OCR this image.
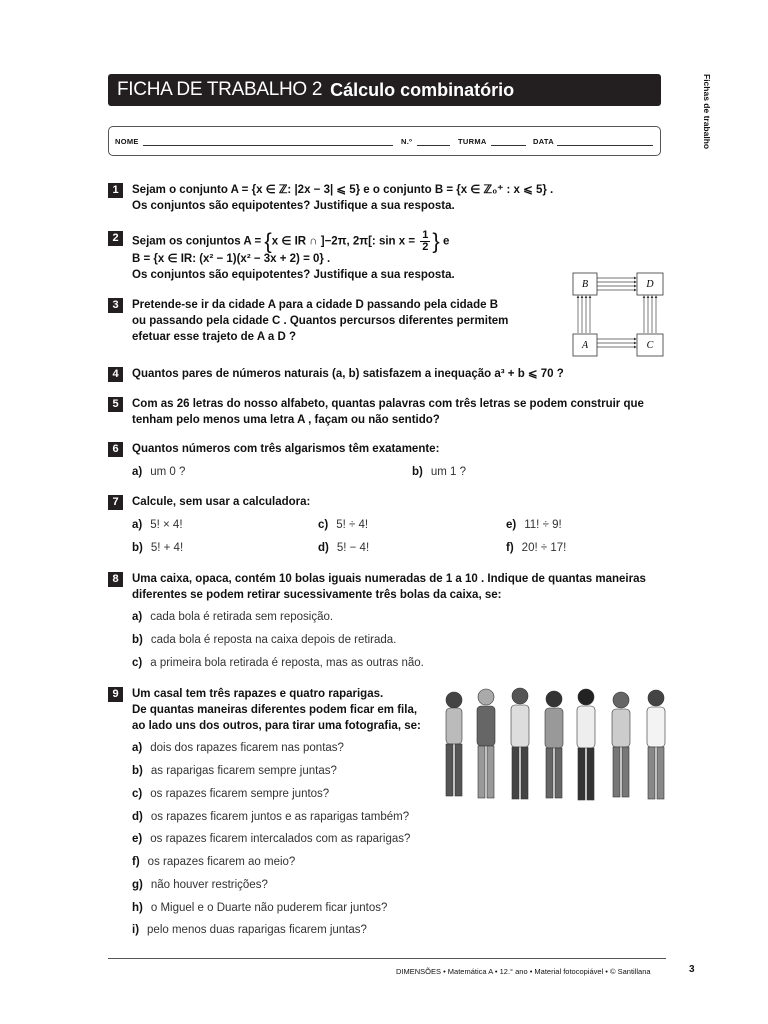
FICHA DE TRABALHO 2 Cálculo combinatório	Fichas de trabalho
NOME	N.º	TURMA	DATA
1	Sejam o conjunto A = {x ∈ ℤ: |2x − 3| ⩽ 5} e o conjunto B = {x ∈ ℤ₀⁺ : x ⩽ 5} .
Os conjuntos são equipotentes? Justifique a sua resposta.
2	Sejam os conjuntos A = {x ∈ IR ∩ ]−2π, 2π[: $\sin x = \frac{1}{2}$} e
B = {x ∈ IR: (x² − 1)(x² − 3x + 2) = 0} .
Os conjuntos são equipotentes? Justifique a sua resposta.
3	Pretende-se ir da cidade A para a cidade D passando pela cidade B
ou passando pela cidade C . Quantos percursos diferentes permitem
efetuar esse trajeto de A a D ?
B	D
A	C
4	Quantos pares de números naturais (a, b) satisfazem a inequação a³ + b ⩽ 70 ?
5	Com as 26 letras do nosso alfabeto, quantas palavras com três letras se podem construir que
tenham pelo menos uma letra A , façam ou não sentido?
6	Quantos números com três algarismos têm exatamente:
a) um 0 ?	b) um 1 ?
7	Calcule, sem usar a calculadora:
a) 5! × 4!	c) 5! ÷ 4!	e) 11! ÷ 9!
b) 5! + 4!	d) 5! − 4!	f) 20! ÷ 17!
8	Uma caixa, opaca, contém 10 bolas iguais numeradas de 1 a 10 . Indique de quantas maneiras
diferentes se podem retirar sucessivamente três bolas da caixa, se:
a) cada bola é retirada sem reposição.
b) cada bola é reposta na caixa depois de retirada.
c) a primeira bola retirada é reposta, mas as outras não.
9	Um casal tem três rapazes e quatro raparigas.
De quantas maneiras diferentes podem ficar em fila,
ao lado uns dos outros, para tirar uma fotografia, se:
a) dois dos rapazes ficarem nas pontas?
b) as raparigas ficarem sempre juntas?
c) os rapazes ficarem sempre juntos?
d) os rapazes ficarem juntos e as raparigas também?
e) os rapazes ficarem intercalados com as raparigas?
f) os rapazes ficarem ao meio?
g) não houver restrições?
h) o Miguel e o Duarte não puderem ficar juntos?
i) pelo menos duas raparigas ficarem juntas?
DIMENSÕES • Matemática A • 12.° ano • Material fotocopiável • © Santillana	3
